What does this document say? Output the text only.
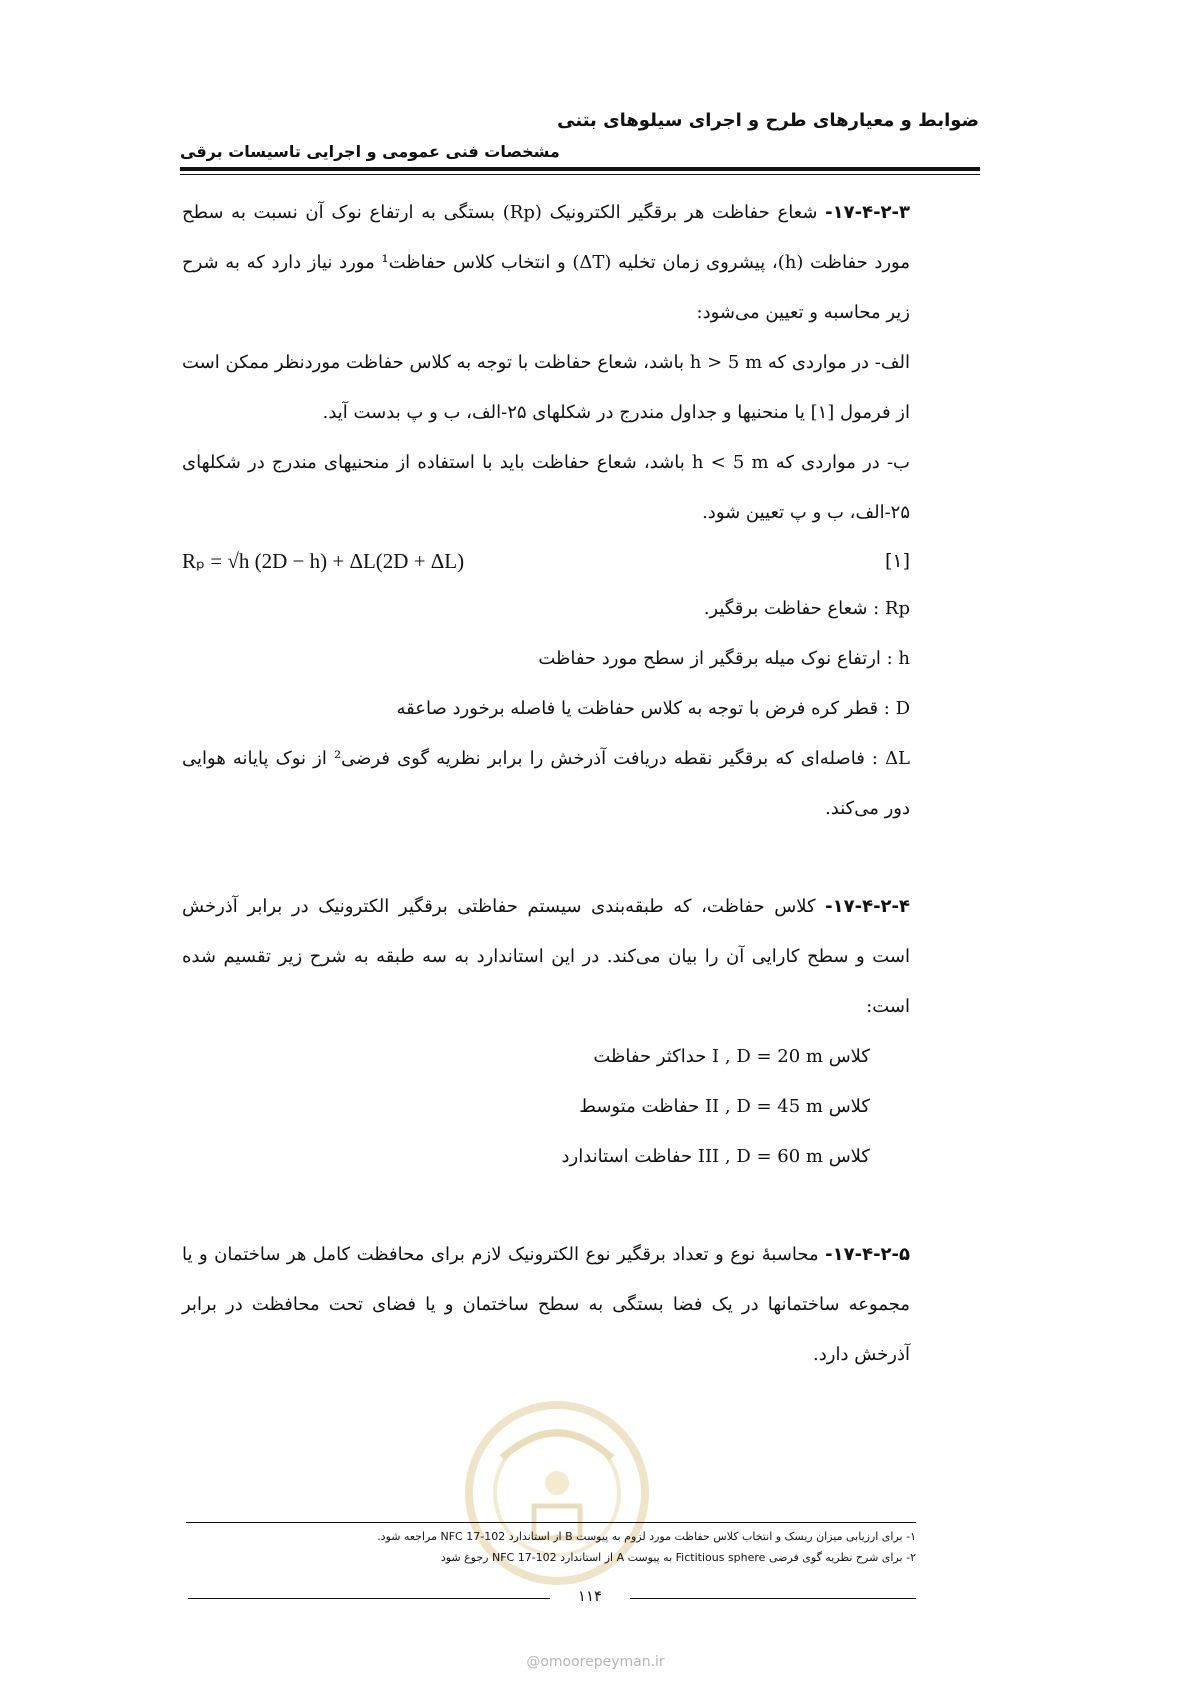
ضوابط و معیارهای طرح و اجرای سیلوهای بتنی
مشخصات فنی عمومی و اجرایی تاسیسات برقی

۱۷-۴-۲-۳- شعاع حفاظت هر برقگیر الکترونیک (Rp) بستگی به ارتفاع نوک آن نسبت به سطح مورد حفاظت (h)، پیشروی زمان تخلیه (ΔT) و انتخاب کلاس حفاظت¹ مورد نیاز دارد که به شرح زیر محاسبه و تعیین می‌شود:

الف- در مواردی که h > 5 m باشد، شعاع حفاظت با توجه به کلاس حفاظت موردنظر ممکن است از فرمول [۱] یا منحنیها و جداول مندرج در شکلهای ۲۵-الف، ب و پ بدست آید.

ب- در مواردی که h < 5 m باشد، شعاع حفاظت باید با استفاده از منحنیهای مندرج در شکلهای ۲۵-الف، ب و پ تعیین شود.

Rₚ = √h (2D − h) + ΔL(2D + ΔL)	[۱]

Rp : شعاع حفاظت برقگیر.

h : ارتفاع نوک میله برقگیر از سطح مورد حفاظت

D : قطر کره فرض با توجه به کلاس حفاظت یا فاصله برخورد صاعقه

ΔL : فاصله‌ای که برقگیر نقطه دریافت آذرخش را برابر نظریه گوی فرضی² از نوک پایانه هوایی دور می‌کند.

۱۷-۴-۲-۴- کلاس حفاظت، که طبقه‌بندی سیستم حفاظتی برقگیر الکترونیک در برابر آذرخش است و سطح کارایی آن را بیان می‌کند. در این استاندارد به سه طبقه به شرح زیر تقسیم شده است:

کلاس I , D = 20 m حداکثر حفاظت

کلاس II , D = 45 m حفاظت متوسط

کلاس III , D = 60 m حفاظت استاندارد

۱۷-۴-۲-۵- محاسبهٔ نوع و تعداد برقگیر نوع الکترونیک لازم برای محافظت کامل هر ساختمان و یا مجموعه ساختمانها در یک فضا بستگی به سطح ساختمان و یا فضای تحت محافظت در برابر آذرخش دارد.

۱- برای ارزیابی میزان ریسک و انتخاب کلاس حفاظت مورد لزوم به پیوست B از استاندارد NFC 17-102 مراجعه شود.

۲- برای شرح نظریه گوی فرضی Fictitious sphere به پیوست A از استاندارد NFC 17-102 رجوع شود

۱۱۴
@omoorepeyman.ir
